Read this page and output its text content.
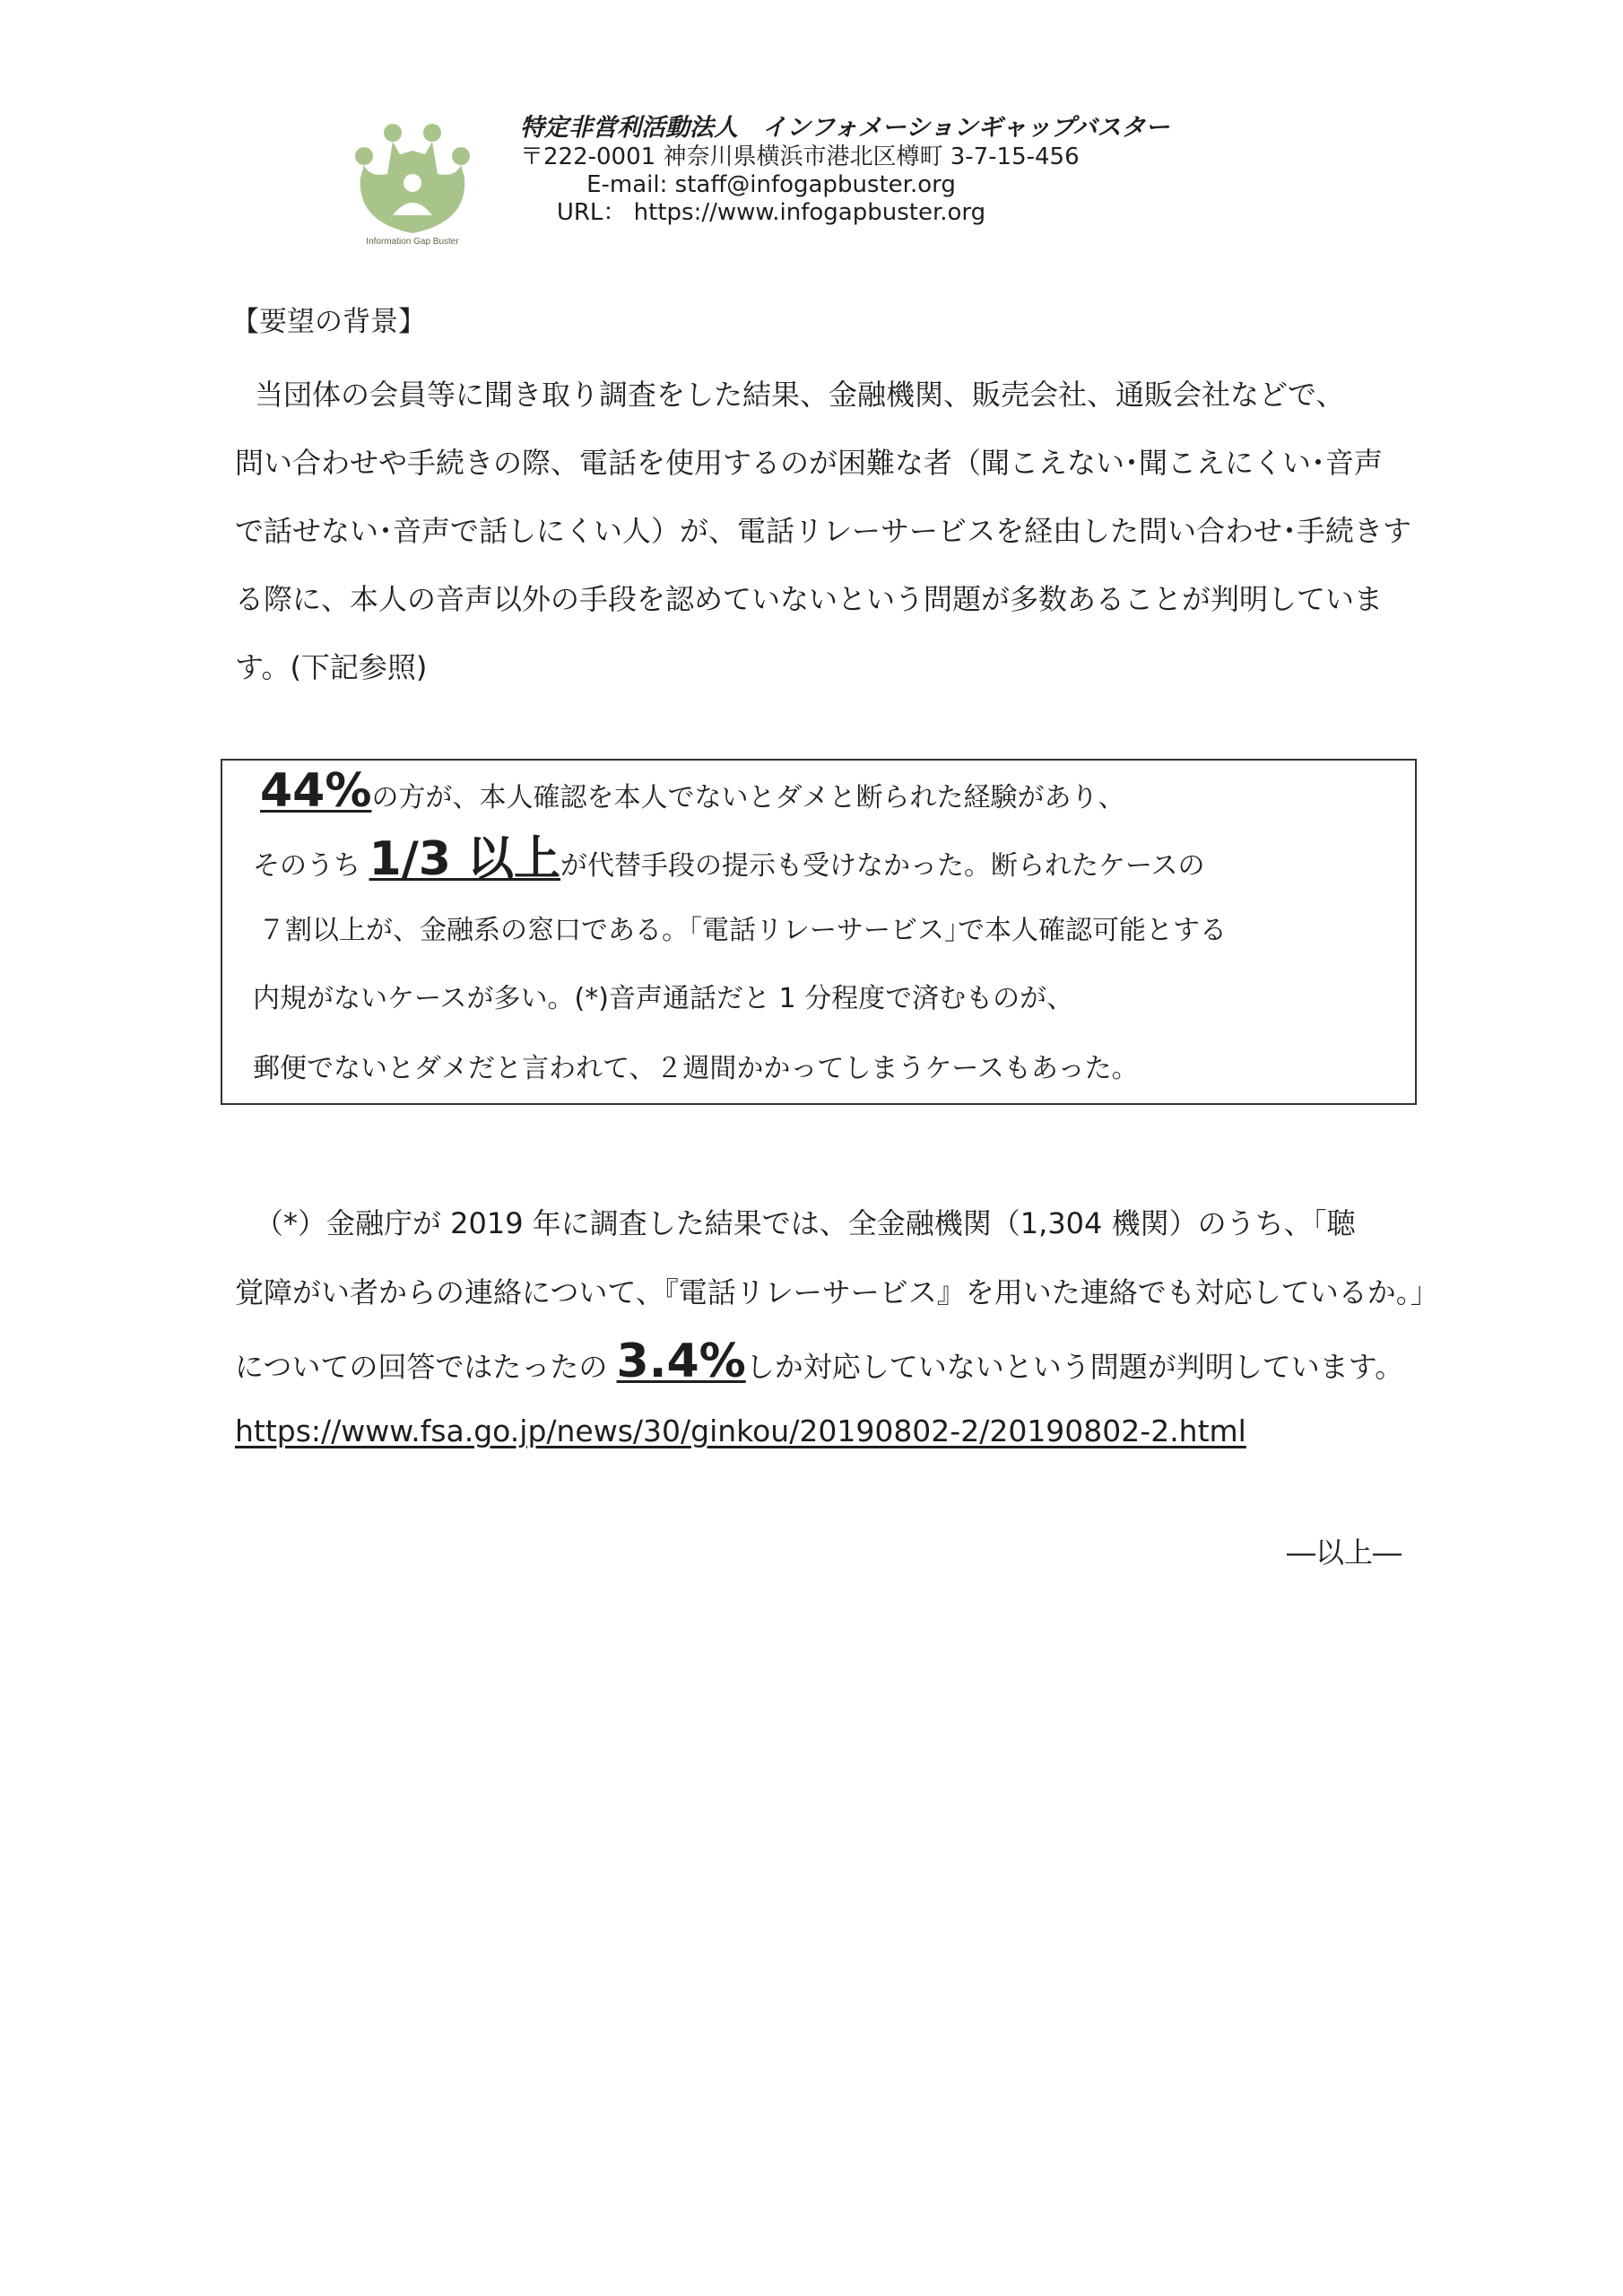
Information Gap Buster
特定非営利活動法人　インフォメーションギャップバスター
〒222-0001 神奈川県横浜市港北区樽町 3-7-15-456
E-mail: staff@infogapbuster.org
URL： https://www.infogapbuster.org
【要望の背景】
当団体の会員等に聞き取り調査をした結果、金融機関、販売会社、通販会社などで、
問い合わせや手続きの際、電話を使用するのが困難な者（聞こえない･聞こえにくい･音声
で話せない･音声で話しにくい人）が、電話リレーサービスを経由した問い合わせ･手続きす
る際に、本人の音声以外の手段を認めていないという問題が多数あることが判明していま
す。(下記参照)
44%の方が、本人確認を本人でないとダメと断られた経験があり、
そのうち 1/3 以上が代替手段の提示も受けなかった。断られたケースの
７割以上が、金融系の窓口である。｢電話リレーサービス｣で本人確認可能とする
内規がないケースが多い。(*)音声通話だと 1 分程度で済むものが、
郵便でないとダメだと言われて、２週間かかってしまうケースもあった。
（*）金融庁が 2019 年に調査した結果では、全金融機関（1,304 機関）のうち、｢聴
覚障がい者からの連絡について、『電話リレーサービス』を用いた連絡でも対応しているか。｣
についての回答ではたったの 3.4%しか対応していないという問題が判明しています。
https://www.fsa.go.jp/news/30/ginkou/20190802-2/20190802-2.html
―以上―
